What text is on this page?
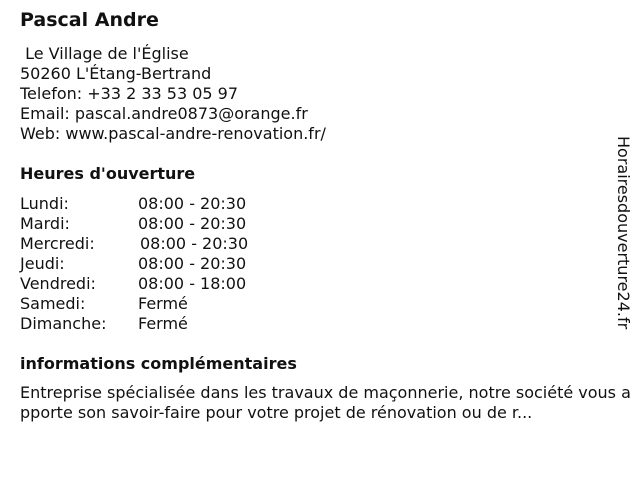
Pascal Andre
Le Village de l'Église
50260 L'Étang-Bertrand
Telefon: +33 2 33 53 05 97
Email: pascal.andre0873@orange.fr
Web: www.pascal-andre-renovation.fr/
Heures d'ouverture
Lundi:	08:00 - 20:30
Mardi:	08:00 - 20:30
Mercredi:	08:00 - 20:30
Jeudi:	08:00 - 20:30
Vendredi:	08:00 - 18:00
Samedi:	Fermé
Dimanche: Fermé
informations complémentaires
Entreprise spécialisée dans les travaux de maçonnerie, notre société vous apporte son savoir-faire pour votre projet de rénovation ou de r...
Horairesdouverture24.fr
